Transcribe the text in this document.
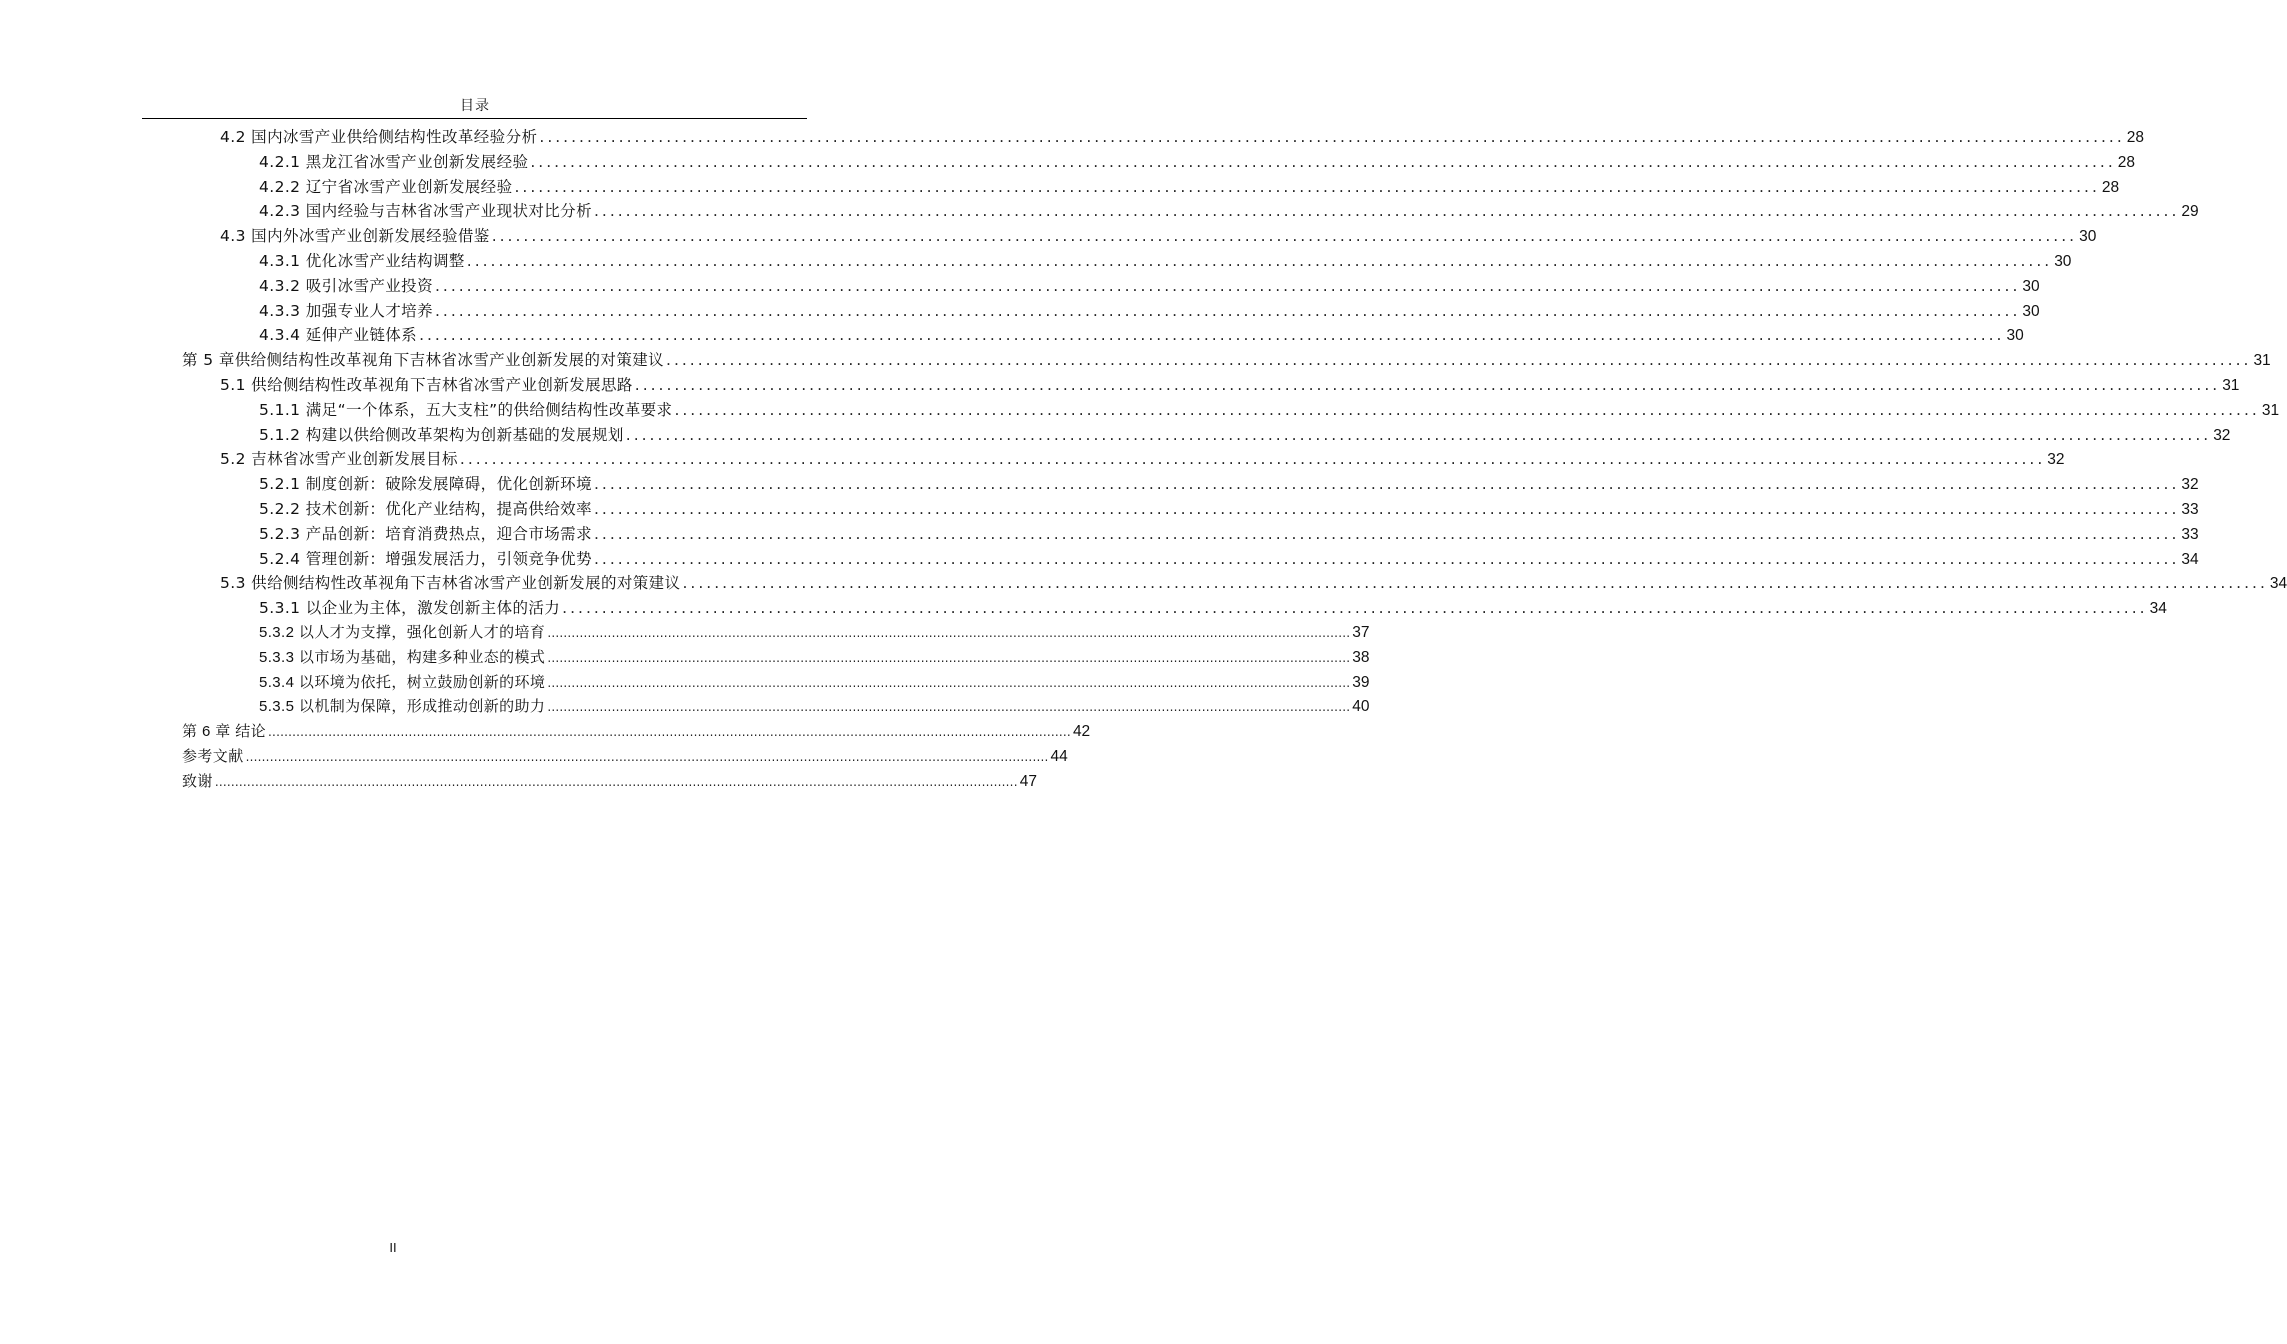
目录
4.2 国内冰雪产业供给侧结构性改革经验分析 ........................................................................................................................................................................................................ 28
4.2.1 黑龙江省冰雪产业创新发展经验 ........................................................................................................................................................................................................ 28
4.2.2 辽宁省冰雪产业创新发展经验 ........................................................................................................................................................................................................ 28
4.2.3 国内经验与吉林省冰雪产业现状对比分析 ........................................................................................................................................................................................................ 29
4.3 国内外冰雪产业创新发展经验借鉴 ........................................................................................................................................................................................................ 30
4.3.1 优化冰雪产业结构调整 ........................................................................................................................................................................................................ 30
4.3.2 吸引冰雪产业投资 ........................................................................................................................................................................................................ 30
4.3.3 加强专业人才培养 ........................................................................................................................................................................................................ 30
4.3.4 延伸产业链体系 ........................................................................................................................................................................................................ 30
第 5 章供给侧结构性改革视角下吉林省冰雪产业创新发展的对策建议 ........................................................................................................................................................................................................ 31
5.1 供给侧结构性改革视角下吉林省冰雪产业创新发展思路 ........................................................................................................................................................................................................ 31
5.1.1 满足“一个体系，五大支柱”的供给侧结构性改革要求 ........................................................................................................................................................................................................ 31
5.1.2 构建以供给侧改革架构为创新基础的发展规划 ........................................................................................................................................................................................................ 32
5.2 吉林省冰雪产业创新发展目标 ........................................................................................................................................................................................................ 32
5.2.1 制度创新：破除发展障碍，优化创新环境 ........................................................................................................................................................................................................ 32
5.2.2 技术创新：优化产业结构，提高供给效率 ........................................................................................................................................................................................................ 33
5.2.3 产品创新：培育消费热点，迎合市场需求 ........................................................................................................................................................................................................ 33
5.2.4 管理创新：增强发展活力，引领竞争优势 ........................................................................................................................................................................................................ 34
5.3 供给侧结构性改革视角下吉林省冰雪产业创新发展的对策建议 ........................................................................................................................................................................................................ 34
5.3.1 以企业为主体，激发创新主体的活力 ........................................................................................................................................................................................................ 34
5.3.2 以人才为支撑，强化创新人才的培育 ........................................................................................................................................................................................................ 37
5.3.3 以市场为基础，构建多种业态的模式 ........................................................................................................................................................................................................ 38
5.3.4 以环境为依托，树立鼓励创新的环境 ........................................................................................................................................................................................................ 39
5.3.5 以机制为保障，形成推动创新的助力 ........................................................................................................................................................................................................ 40
第 6 章 结论 ........................................................................................................................................................................................................ 42
参考文献 ........................................................................................................................................................................................................ 44
致谢 ........................................................................................................................................................................................................ 47
II
